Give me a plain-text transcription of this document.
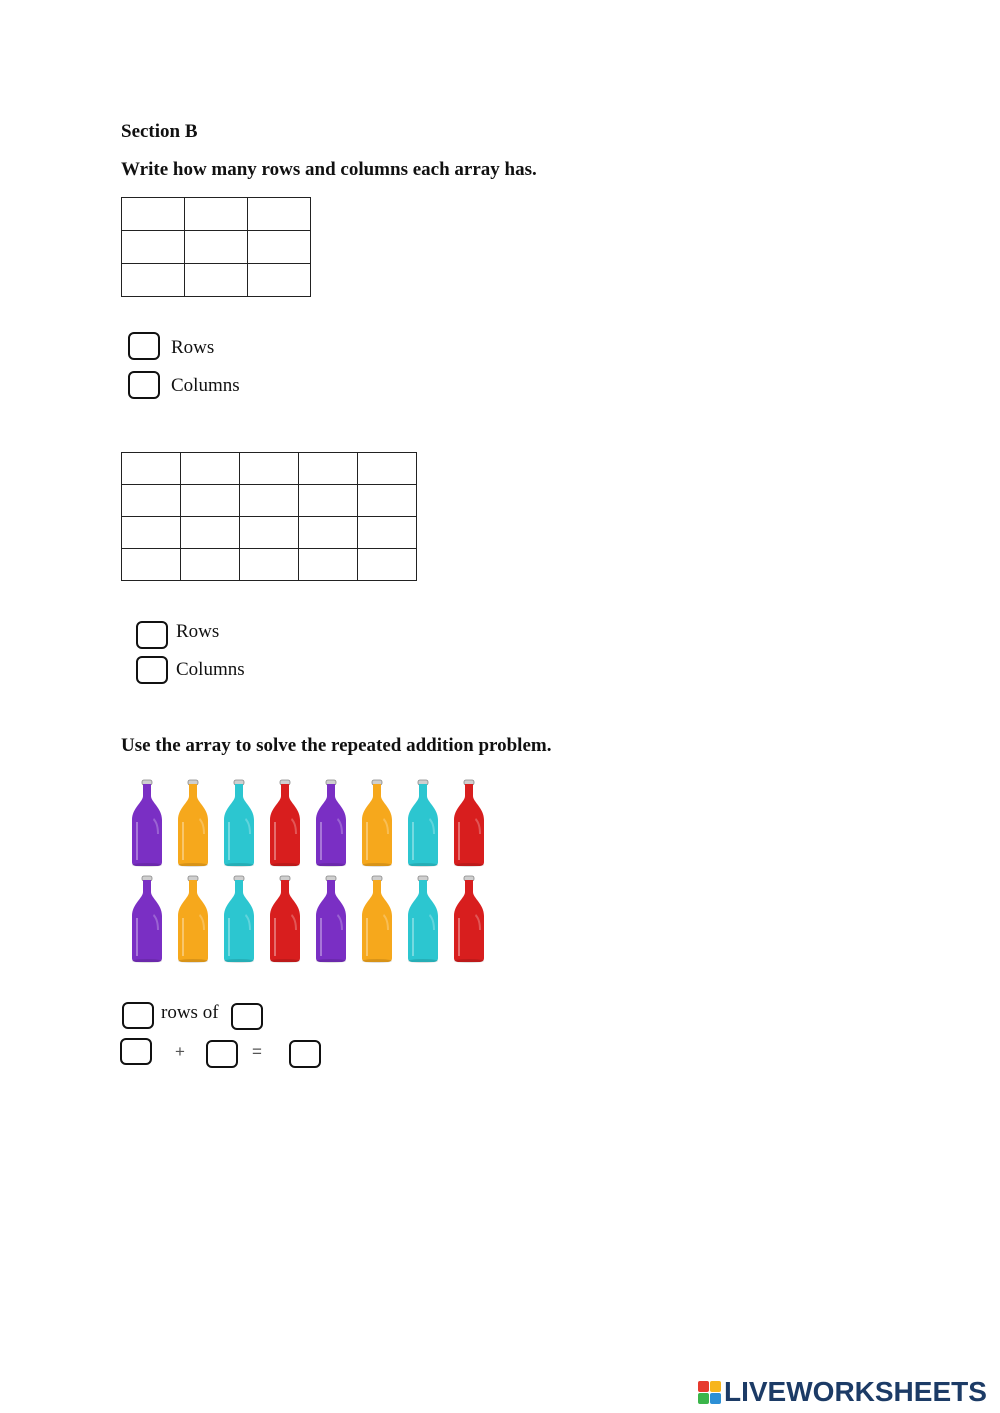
Section B
Write how many rows and columns each array has.

Rows
Columns

Rows
Columns
Use the array to solve the repeated addition problem.
rows of
+	=
LIVEWORKSHEETS
